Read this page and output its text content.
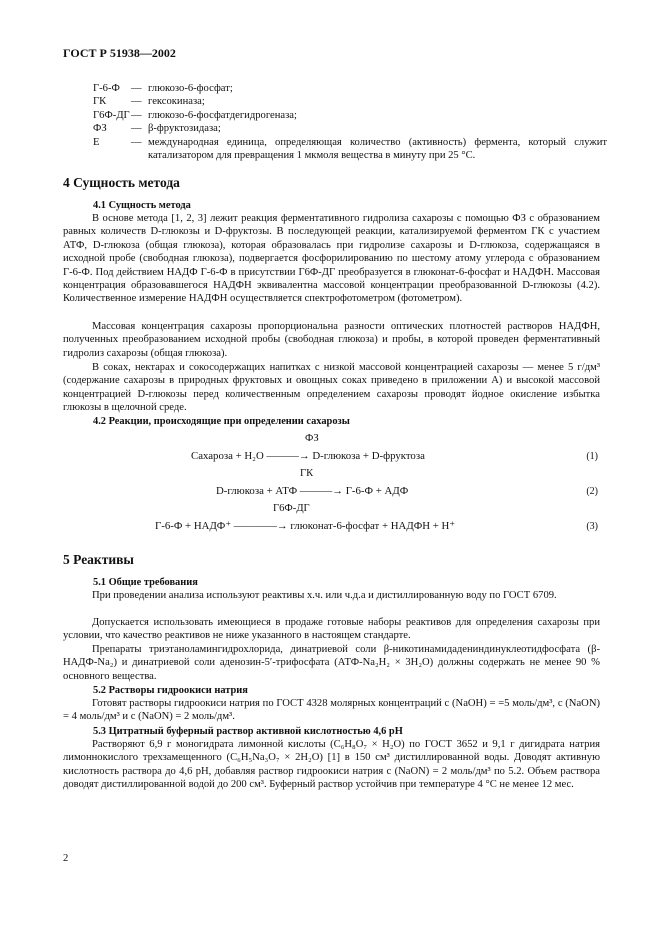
ГОСТ Р 51938—2002
Г-6-Ф	— глюкозо-6-фосфат;
ГК	— гексокиназа;
Г6Ф-ДГ — глюкозо-6-фосфатдегидрогеназа;
ФЗ	— β-фруктозидаза;
Е	— международная единица, определяющая количество (активность) фермента, который служит катализатором для превращения 1 мкмоля вещества в минуту при 25 °С.
4 Сущность метода
4.1 Сущность метода

В основе метода [1, 2, 3] лежит реакция ферментативного гидролиза сахарозы с помощью ФЗ с образованием равных количеств D-глюкозы и D-фруктозы. В последующей реакции, катализируемой ферментом ГК с участием АТФ, D-глюкоза (общая глюкоза), которая образовалась при гидролизе сахарозы и D-глюкоза, содержащаяся в исходной пробе (свободная глюкоза), подвергается фосфорилированию по шестому атому углерода с образованием Г-6-Ф. Под действием НАДФ Г-6-Ф в присутствии Г6Ф-ДГ преобразуется в глюконат-6-фосфат и НАДФН. Массовая концентрация образовавшегося НАДФН эквивалентна массовой концентрации преобразованной D-глюкозы (4.2). Количественное измерение НАДФН осуществляется спектрофотометром (фотометром).

Массовая концентрация сахарозы пропорциональна разности оптических плотностей растворов НАДФН, полученных преобразованием исходной пробы (свободная глюкоза) и пробы, в которой проведен ферментативный гидролиз сахарозы (общая глюкоза).

В соках, нектарах и сокосодержащих напитках с низкой массовой концентрацией сахарозы — менее 5 г/дм³ (содержание сахарозы в природных фруктовых и овощных соках приведено в приложении А) и высокой массовой концентрацией D-глюкозы перед количественным определением сахарозы проводят йодное окисление избытка глюкозы в щелочной среде.

4.2 Реакции, происходящие при определении сахарозы
ФЗ
Сахароза + H₂O ———→ D-глюкоза + D-фруктоза	(1)
ГК
D-глюкоза + АТФ ———→ Г-6-Ф + АДФ	(2)
Г6Ф-ДГ
Г-6-Ф + НАДФ⁺ ————→ глюконат-6-фосфат + НАДФН + Н⁺	(3)
5 Реактивы
5.1 Общие требования

При проведении анализа используют реактивы х.ч. или ч.д.а и дистиллированную воду по ГОСТ 6709.

Допускается использовать имеющиеся в продаже готовые наборы реактивов для определения сахарозы при условии, что качество реактивов не ниже указанного в настоящем стандарте.

Препараты триэтаноламингидрохлорида, динатриевой соли β-никотинамидадениндинуклеотидфосфата (β-НАДФ-Na₂) и динатриевой соли аденозин-5′-трифосфата (АТФ-Na₂H₂ × 3H₂O) должны содержать не менее 90 % основного вещества.

5.2 Растворы гидроокиси натрия

Готовят растворы гидроокиси натрия по ГОСТ 4328 молярных концентраций c (NaOH) = =5 моль/дм³, c (NaON) = 4 моль/дм³ и c (NaON) = 2 моль/дм³.

5.3 Цитратный буферный раствор активной кислотностью 4,6 pH

Растворяют 6,9 г моногидрата лимонной кислоты (C₆H₈O₇ × H₂O) по ГОСТ 3652 и 9,1 г дигидрата натрия лимоннокислого трехзамещенного (C₆H₅Na₃O₇ × 2H₂O) [1] в 150 см³ дистиллированной воды. Доводят активную кислотность раствора до 4,6 pH, добавляя раствор гидроокиси натрия c (NaON) = 2 моль/дм³ по 5.2. Объем раствора доводят дистиллированной водой до 200 см³. Буферный раствор устойчив при температуре 4 °С не менее 12 мес.

2
